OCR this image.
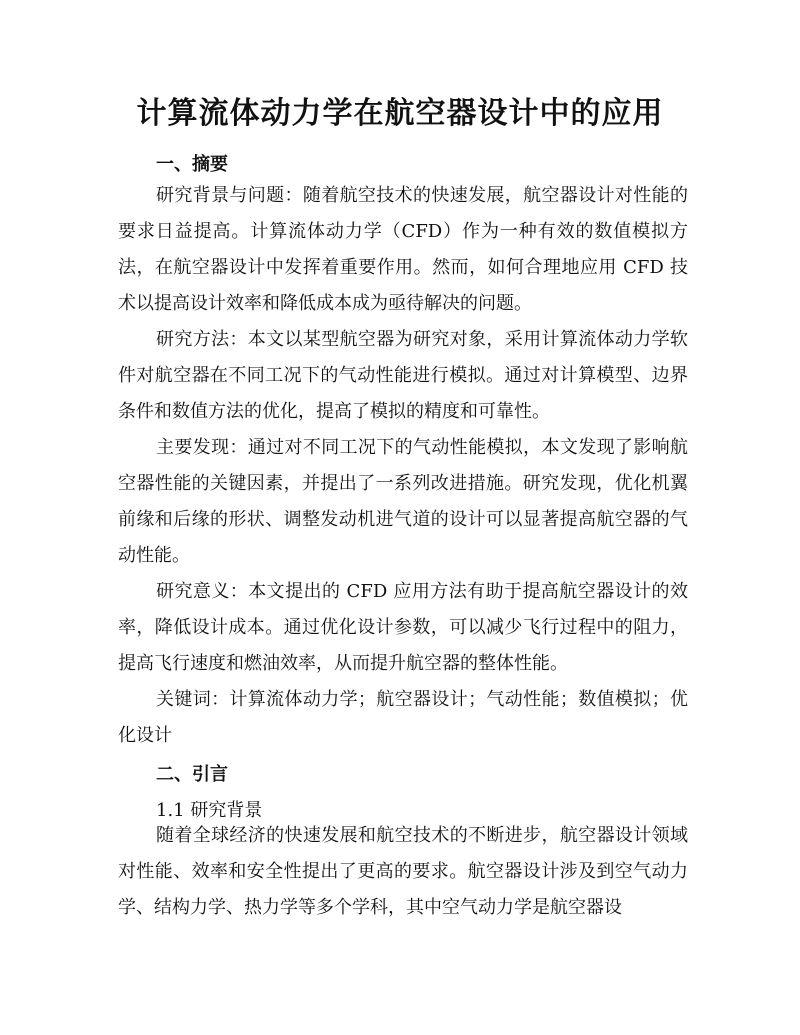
计算流体动力学在航空器设计中的应用
一、摘要

研究背景与问题：随着航空技术的快速发展，航空器设计对性能的要求日益提高。计算流体动力学（CFD）作为一种有效的数值模拟方法，在航空器设计中发挥着重要作用。然而，如何合理地应用 CFD 技术以提高设计效率和降低成本成为亟待解决的问题。

研究方法：本文以某型航空器为研究对象，采用计算流体动力学软件对航空器在不同工况下的气动性能进行模拟。通过对计算模型、边界条件和数值方法的优化，提高了模拟的精度和可靠性。

主要发现：通过对不同工况下的气动性能模拟，本文发现了影响航空器性能的关键因素，并提出了一系列改进措施。研究发现，优化机翼前缘和后缘的形状、调整发动机进气道的设计可以显著提高航空器的气动性能。

研究意义：本文提出的 CFD 应用方法有助于提高航空器设计的效率，降低设计成本。通过优化设计参数，可以减少飞行过程中的阻力，提高飞行速度和燃油效率，从而提升航空器的整体性能。

关键词：计算流体动力学；航空器设计；气动性能；数值模拟；优化设计

二、引言

1.1 研究背景

随着全球经济的快速发展和航空技术的不断进步，航空器设计领域对性能、效率和安全性提出了更高的要求。航空器设计涉及到空气动力学、结构力学、热力学等多个学科，其中空气动力学是航空器设
